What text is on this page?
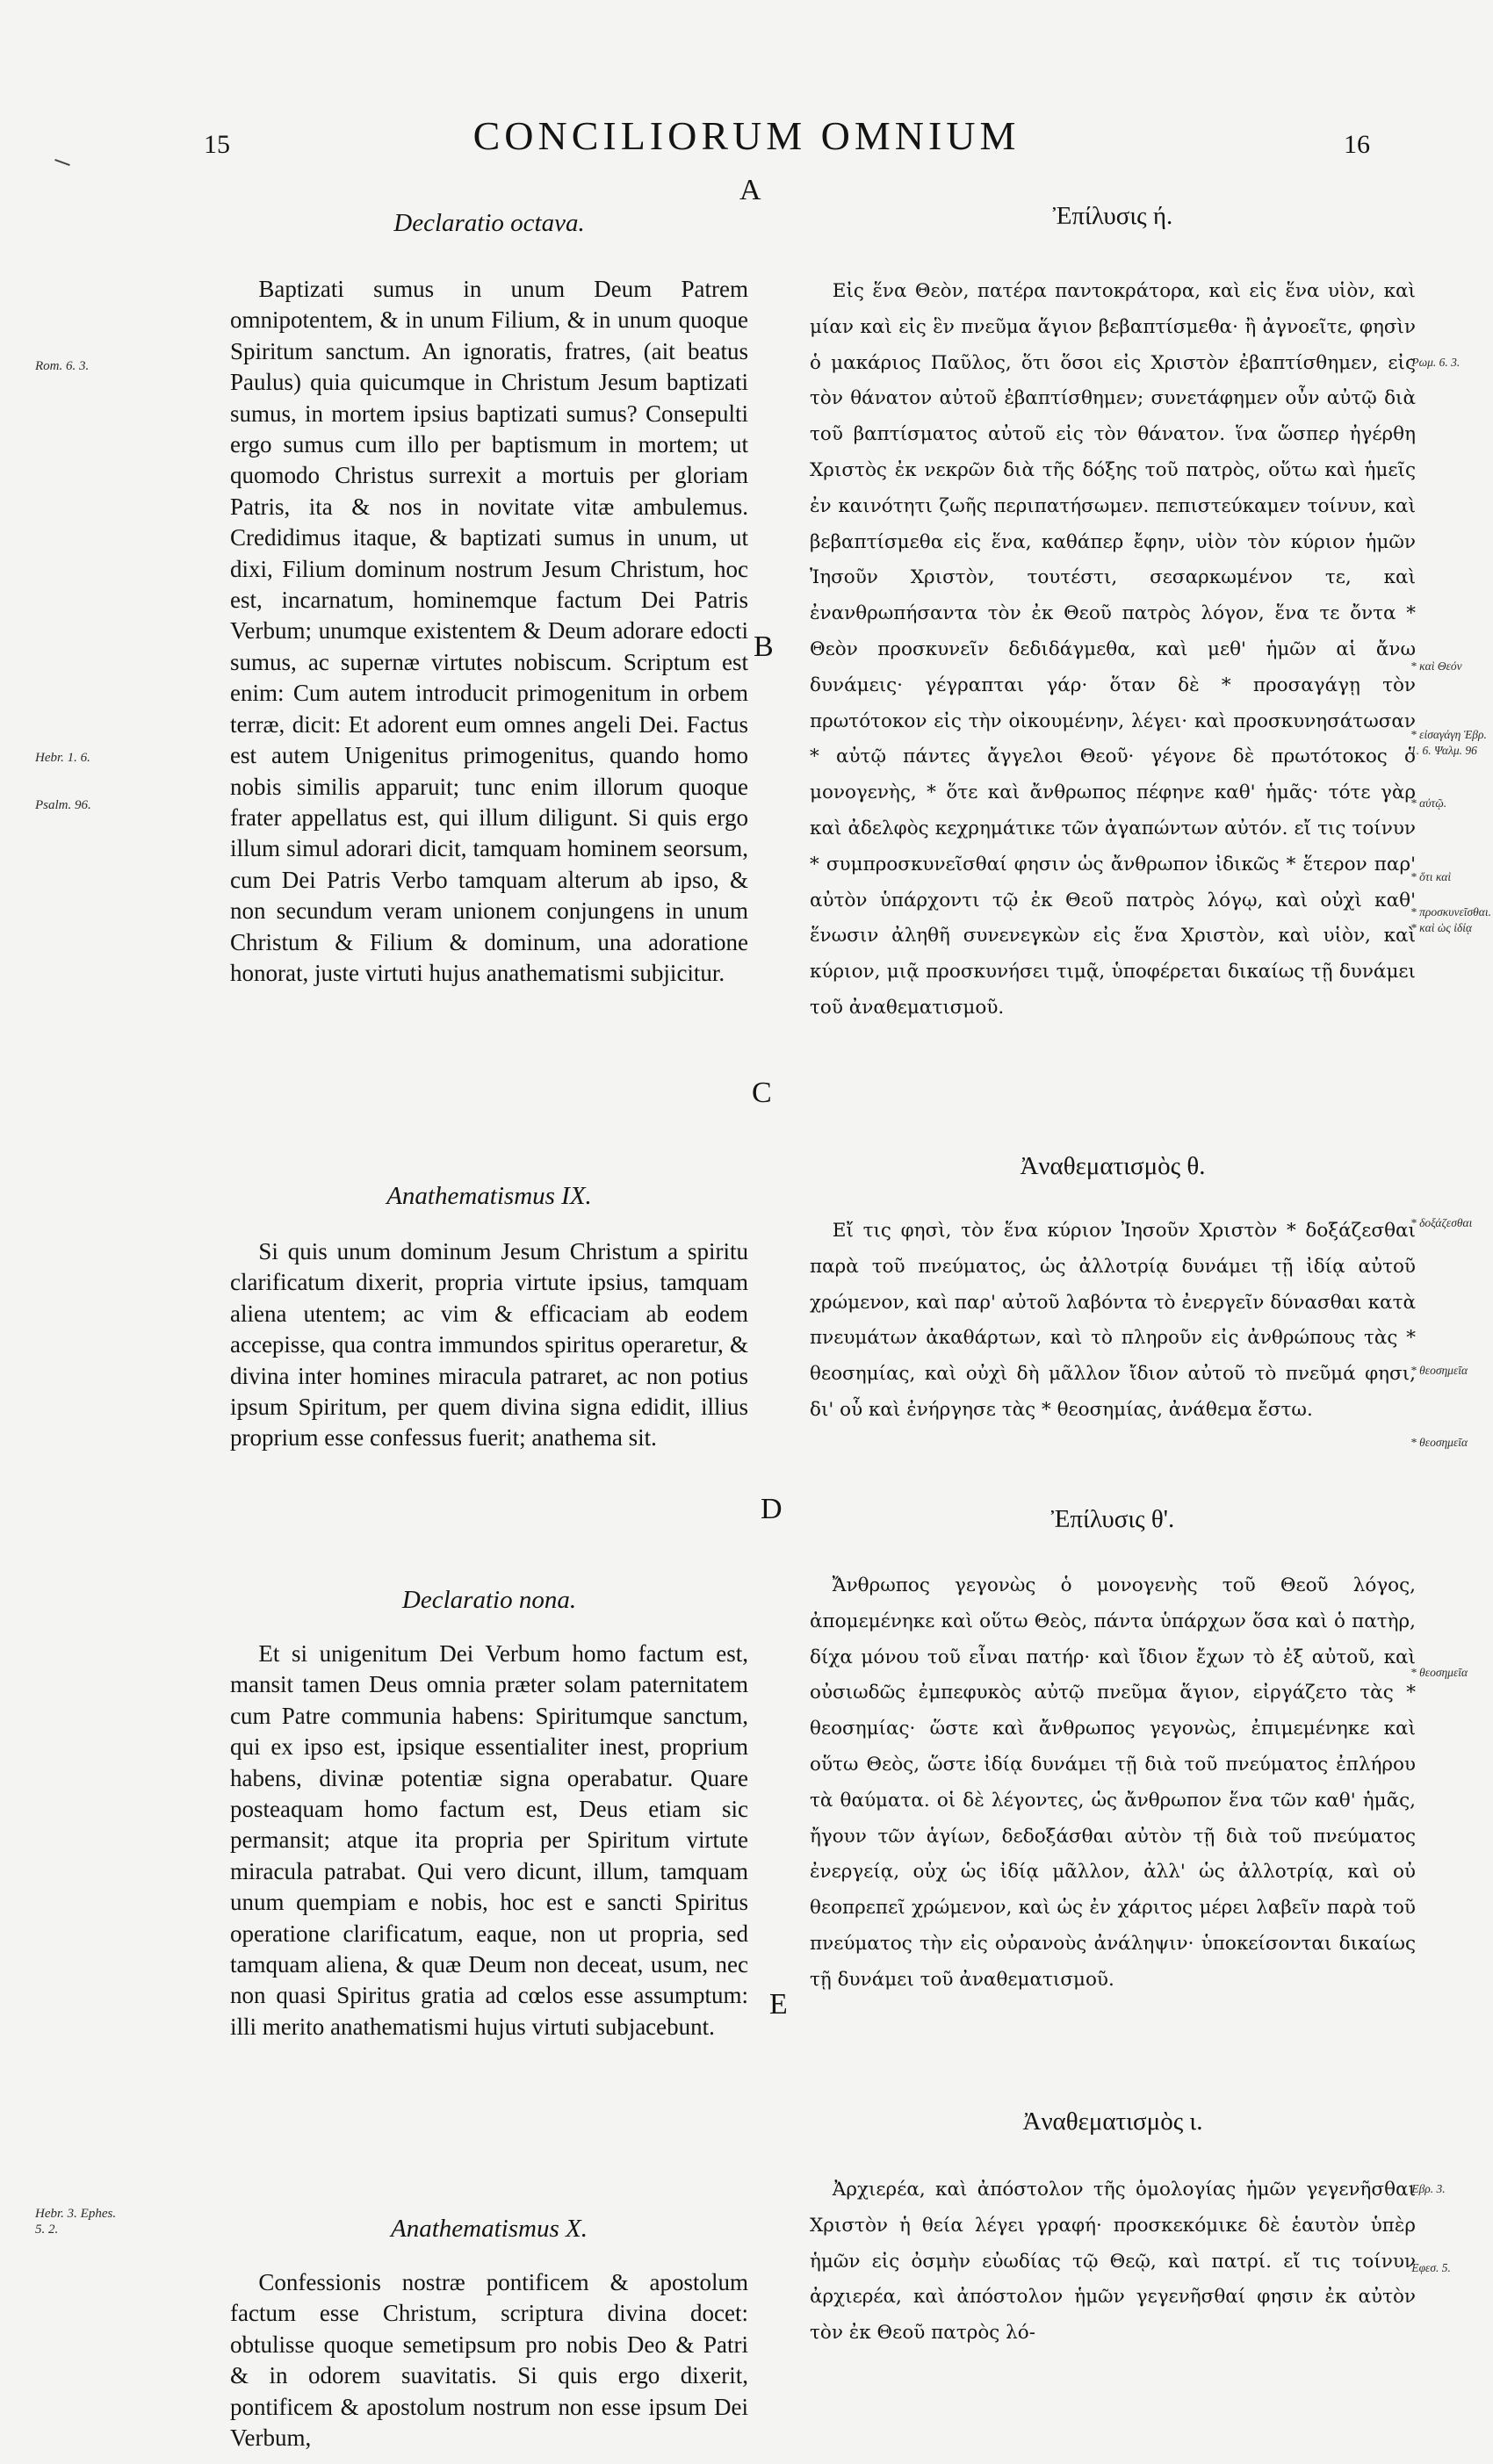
15	CONCILIORUM OMNIUM	16
A
B
C
D
E
Rom. 6. 3.
Hebr. 1. 6.
Psalm. 96.
Hebr. 3. Ephes. 5. 2.
Ῥωμ. 6. 3.
* καὶ Θεόν
* εἰσαγάγη Ἑβρ. 1. 6. Ψαλμ. 96
* αὐτῷ.
* ὅτι καὶ
* προσκυνεῖσθαι. * καὶ ὡς ἰδίᾳ
* δοξάζεσθαι
* θεοσημεῖα
* θεοσημεῖα
* θεοσημεῖα
Ἑβρ. 3.
Ἐφεσ. 5.
Declaratio octava.

Baptizati sumus in unum Deum Patrem omnipotentem, & in unum Filium, & in unum quoque Spiritum sanctum. An ignoratis, fratres, (ait beatus Paulus) quia quicumque in Christum Jesum baptizati sumus, in mortem ipsius baptizati sumus? Consepulti ergo sumus cum illo per baptismum in mortem; ut quomodo Christus surrexit a mortuis per gloriam Patris, ita & nos in novitate vitæ ambulemus. Credidimus itaque, & baptizati sumus in unum, ut dixi, Filium dominum nostrum Jesum Christum, hoc est, incarnatum, hominemque factum Dei Patris Verbum; unumque existentem & Deum adorare edocti sumus, ac supernæ virtutes nobiscum. Scriptum est enim: Cum autem introducit primogenitum in orbem terræ, dicit: Et adorent eum omnes angeli Dei. Factus est autem Unigenitus primogenitus, quando homo nobis similis apparuit; tunc enim illorum quoque frater appellatus est, qui illum diligunt. Si quis ergo illum simul adorari dicit, tamquam hominem seorsum, cum Dei Patris Verbo tamquam alterum ab ipso, & non secundum veram unionem conjungens in unum Christum & Filium & dominum, una adoratione honorat, juste virtuti hujus anathematismi subjicitur.

Anathematismus IX.

Si quis unum dominum Jesum Christum a spiritu clarificatum dixerit, propria virtute ipsius, tamquam aliena utentem; ac vim & efficaciam ab eodem accepisse, qua contra immundos spiritus operaretur, & divina inter homines miracula patraret, ac non potius ipsum Spiritum, per quem divina signa edidit, illius proprium esse confessus fuerit; anathema sit.

Declaratio nona.

Et si unigenitum Dei Verbum homo factum est, mansit tamen Deus omnia præter solam paternitatem cum Patre communia habens: Spiritumque sanctum, qui ex ipso est, ipsique essentialiter inest, proprium habens, divinæ potentiæ signa operabatur. Quare posteaquam homo factum est, Deus etiam sic permansit; atque ita propria per Spiritum virtute miracula patrabat. Qui vero dicunt, illum, tamquam unum quempiam e nobis, hoc est e sancti Spiritus operatione clarificatum, eaque, non ut propria, sed tamquam aliena, & quæ Deum non deceat, usum, nec non quasi Spiritus gratia ad cœlos esse assumptum: illi merito anathematismi hujus virtuti subjacebunt.

Anathematismus X.

Confessionis nostræ pontificem & apostolum factum esse Christum, scriptura divina docet: obtulisse quoque semetipsum pro nobis Deo & Patri & in odorem suavitatis. Si quis ergo dixerit, pontificem & apostolum nostrum non esse ipsum Dei Verbum,

Ἐπίλυσις ή.

Εἰς ἕνα Θεὸν, πατέρα παντοκράτορα, καὶ εἰς ἕνα υἱὸν, καὶ μίαν καὶ εἰς ἓν πνεῦμα ἅγιον βεβαπτίσμεθα· ἢ ἀγνοεῖτε, φησὶν ὁ μακάριος Παῦλος, ὅτι ὅσοι εἰς Χριστὸν ἐβαπτίσθημεν, εἰς τὸν θάνατον αὐτοῦ ἐβαπτίσθημεν; συνετάφημεν οὖν αὐτῷ διὰ τοῦ βαπτίσματος αὐτοῦ εἰς τὸν θάνατον. ἵνα ὥσπερ ἠγέρθη Χριστὸς ἐκ νεκρῶν διὰ τῆς δόξης τοῦ πατρὸς, οὕτω καὶ ἡμεῖς ἐν καινότητι ζωῆς περιπατήσωμεν. πεπιστεύκαμεν τοίνυν, καὶ βεβαπτίσμεθα εἰς ἕνα, καθάπερ ἔφην, υἱὸν τὸν κύριον ἡμῶν Ἰησοῦν Χριστὸν, τουτέστι, σεσαρκωμένον τε, καὶ ἐνανθρωπήσαντα τὸν ἐκ Θεοῦ πατρὸς λόγον, ἕνα τε ὄντα * Θεὸν προσκυνεῖν δεδιδάγμεθα, καὶ μεθ' ἡμῶν αἱ ἄνω δυνάμεις· γέγραπται γάρ· ὅταν δὲ * προσαγάγῃ τὸν πρωτότοκον εἰς τὴν οἰκουμένην, λέγει· καὶ προσκυνησάτωσαν * αὐτῷ πάντες ἄγγελοι Θεοῦ· γέγονε δὲ πρωτότοκος ὁ μονογενὴς, * ὅτε καὶ ἄνθρωπος πέφηνε καθ' ἡμᾶς· τότε γὰρ καὶ ἀδελφὸς κεχρημάτικε τῶν ἀγαπώντων αὐτόν. εἴ τις τοίνυν * συμπροσκυνεῖσθαί φησιν ὡς ἄνθρωπον ἰδικῶς * ἕτερον παρ' αὐτὸν ὑπάρχοντι τῷ ἐκ Θεοῦ πατρὸς λόγῳ, καὶ οὐχὶ καθ' ἕνωσιν ἀληθῆ συνενεγκὼν εἰς ἕνα Χριστὸν, καὶ υἱὸν, καὶ κύριον, μιᾷ προσκυνήσει τιμᾷ, ὑποφέρεται δικαίως τῇ δυνάμει τοῦ ἀναθεματισμοῦ.

Ἀναθεματισμὸς θ.

Εἴ τις φησὶ, τὸν ἕνα κύριον Ἰησοῦν Χριστὸν * δοξάζεσθαι παρὰ τοῦ πνεύματος, ὡς ἀλλοτρίᾳ δυνάμει τῇ ἰδίᾳ αὐτοῦ χρώμενον, καὶ παρ' αὐτοῦ λαβόντα τὸ ἐνεργεῖν δύνασθαι κατὰ πνευμάτων ἀκαθάρτων, καὶ τὸ πληροῦν εἰς ἀνθρώπους τὰς * θεοσημίας, καὶ οὐχὶ δὴ μᾶλλον ἴδιον αὐτοῦ τὸ πνεῦμά φησι, δι' οὗ καὶ ἐνήργησε τὰς * θεοσημίας, ἀνάθεμα ἔστω.

Ἐπίλυσις θ'.

Ἄνθρωπος γεγονὼς ὁ μονογενὴς τοῦ Θεοῦ λόγος, ἀπομεμένηκε καὶ οὕτω Θεὸς, πάντα ὑπάρχων ὅσα καὶ ὁ πατὴρ, δίχα μόνου τοῦ εἶναι πατήρ· καὶ ἴδιον ἔχων τὸ ἐξ αὐτοῦ, καὶ οὐσιωδῶς ἐμπεφυκὸς αὐτῷ πνεῦμα ἅγιον, εἰργάζετο τὰς * θεοσημίας· ὥστε καὶ ἄνθρωπος γεγονὼς, ἐπιμεμένηκε καὶ οὕτω Θεὸς, ὥστε ἰδίᾳ δυνάμει τῇ διὰ τοῦ πνεύματος ἐπλήρου τὰ θαύματα. οἱ δὲ λέγοντες, ὡς ἄνθρωπον ἕνα τῶν καθ' ἡμᾶς, ἤγουν τῶν ἁγίων, δεδοξάσθαι αὐτὸν τῇ διὰ τοῦ πνεύματος ἐνεργείᾳ, οὐχ ὡς ἰδίᾳ μᾶλλον, ἀλλ' ὡς ἀλλοτρίᾳ, καὶ οὐ θεοπρεπεῖ χρώμενον, καὶ ὡς ἐν χάριτος μέρει λαβεῖν παρὰ τοῦ πνεύματος τὴν εἰς οὐρανοὺς ἀνάληψιν· ὑποκείσονται δικαίως τῇ δυνάμει τοῦ ἀναθεματισμοῦ.

Ἀναθεματισμὸς ι.

Ἀρχιερέα, καὶ ἀπόστολον τῆς ὁμολογίας ἡμῶν γεγενῆσθαι Χριστὸν ἡ θεία λέγει γραφή· προσκεκόμικε δὲ ἑαυτὸν ὑπὲρ ἡμῶν εἰς ὀσμὴν εὐωδίας τῷ Θεῷ, καὶ πατρί. εἴ τις τοίνυν ἀρχιερέα, καὶ ἀπόστολον ἡμῶν γεγενῆσθαί φησιν ἐκ αὐτὸν τὸν ἐκ Θεοῦ πατρὸς λό-
